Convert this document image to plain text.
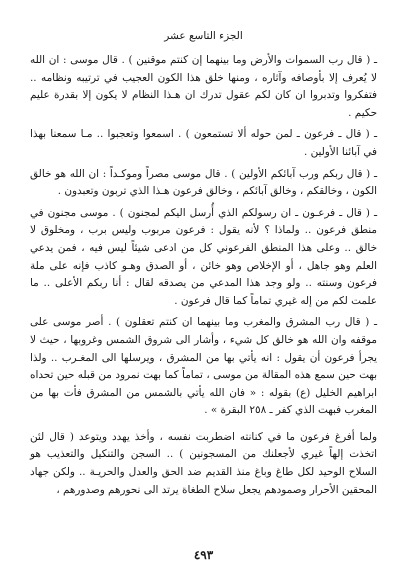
الجزء التاسع عشر

ـ ( قال رب السموات والأرض وما بينهما إن كنتم موقنين ) . قال موسى : ان الله لا يُعرف إلا بأوصافه وآثاره ، ومنها خلق هذا الكون العجيب في ترتيبه ونظامه .. فتفكروا وتدبروا ان كان لكم عقول تدرك ان هـذا النظام لا يكون إلا بقدرة عليم حكيم .

ـ ( قال ـ فرعون ـ لمن حوله ألا تستمعون ) . اسمعوا وتعجبوا .. مـا سمعنا بهذا في آبائنا الأولين .

ـ ( قال ربكم ورب آبائكم الأولين ) . قال موسى مصراً وموكـداً : ان الله هو خالق الكون ، وخالقكم ، وخالق آبائكم ، وخالق فرعون هـذا الذي تربون وتعبدون .

ـ ( قال ـ فرعـون ـ ان رسولكم الذي أُرسل اليكم لمجنون ) . موسى مجنون في منطق فرعون .. ولماذا ؟ لأنه يقول : فرعون مربوب وليس برب ، ومخلوق لا خالق .. وعلى هذا المنطق الفرعوني كل من ادعى شيئاً ليس فيه ، فمن يدعي العلم وهو جاهل ، أو الإخلاص وهو خائن ، أو الصدق وهـو كاذب فإنه على ملة فرعون وسنته .. ولو وجد هذا المدعي من يصدقه لقال : أنا ربكم الأعلى .. ما علمت لكم من إله غيري تماماً كما قال فرعون .

ـ ( قال رب المشرق والمغرب وما بينهما ان كنتم تعقلون ) . أصر موسى على موقفه وان الله هو خالق كل شيء ، وأشار الى شروق الشمس وغروبها ، حيث لا يجرأ فرعون أن يقول : انه يأتي بها من المشرق ، ويرسلها الى المغـرب .. ولذا بهت حين سمع هذه المقالة من موسى ، تماماً كما بهت نمرود من قبله حين تحداه ابراهيم الخليل (ع) بقوله : « فان الله يأتي بالشمس من المشرق فأت بها من المغرب فبهت الذي كفر ـ ٢٥٨ البقرة » .

ولما أفرغ فرعون ما في كنانته اضطربت نفسه ، وأخذ يهدد ويتوعد ( قال لئن اتخذت إلهاً غيري لأجعلنك من المسجونين ) .. السجن والتنكيل والتعذيب هو السلاح الوحيد لكل طاغ وباغ منذ القديم ضد الحق والعدل والحريـة .. ولكن جهاد المحقين الأحرار وصمودهم يجعل سلاح الطغاة يرتد الى نحورهم وصدورهم ،

٤٩٣
